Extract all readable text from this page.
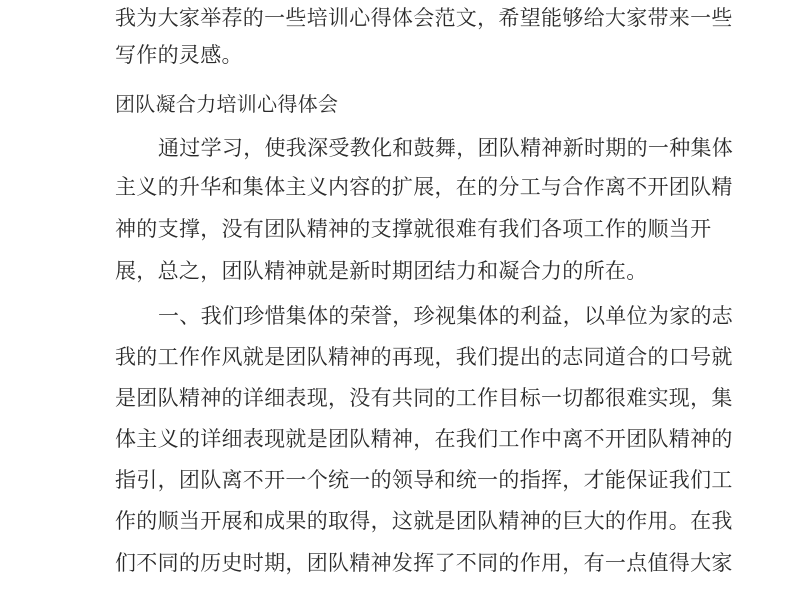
我为大家举荐的一些培训心得体会范文，希望能够给大家带来一些
写作的灵感。
团队凝合力培训心得体会
通过学习，使我深受教化和鼓舞，团队精神新时期的一种集体
主义的升华和集体主义内容的扩展，在的分工与合作离不开团队精
神的支撑，没有团队精神的支撑就很难有我们各项工作的顺当开
展，总之，团队精神就是新时期团结力和凝合力的所在。
一、我们珍惜集体的荣誉，珍视集体的利益，以单位为家的志
我的工作作风就是团队精神的再现，我们提出的志同道合的口号就
是团队精神的详细表现，没有共同的工作目标一切都很难实现，集
体主义的详细表现就是团队精神，在我们工作中离不开团队精神的
指引，团队离不开一个统一的领导和统一的指挥，才能保证我们工
作的顺当开展和成果的取得，这就是团队精神的巨大的作用。在我
们不同的历史时期，团队精神发挥了不同的作用，有一点值得大家
